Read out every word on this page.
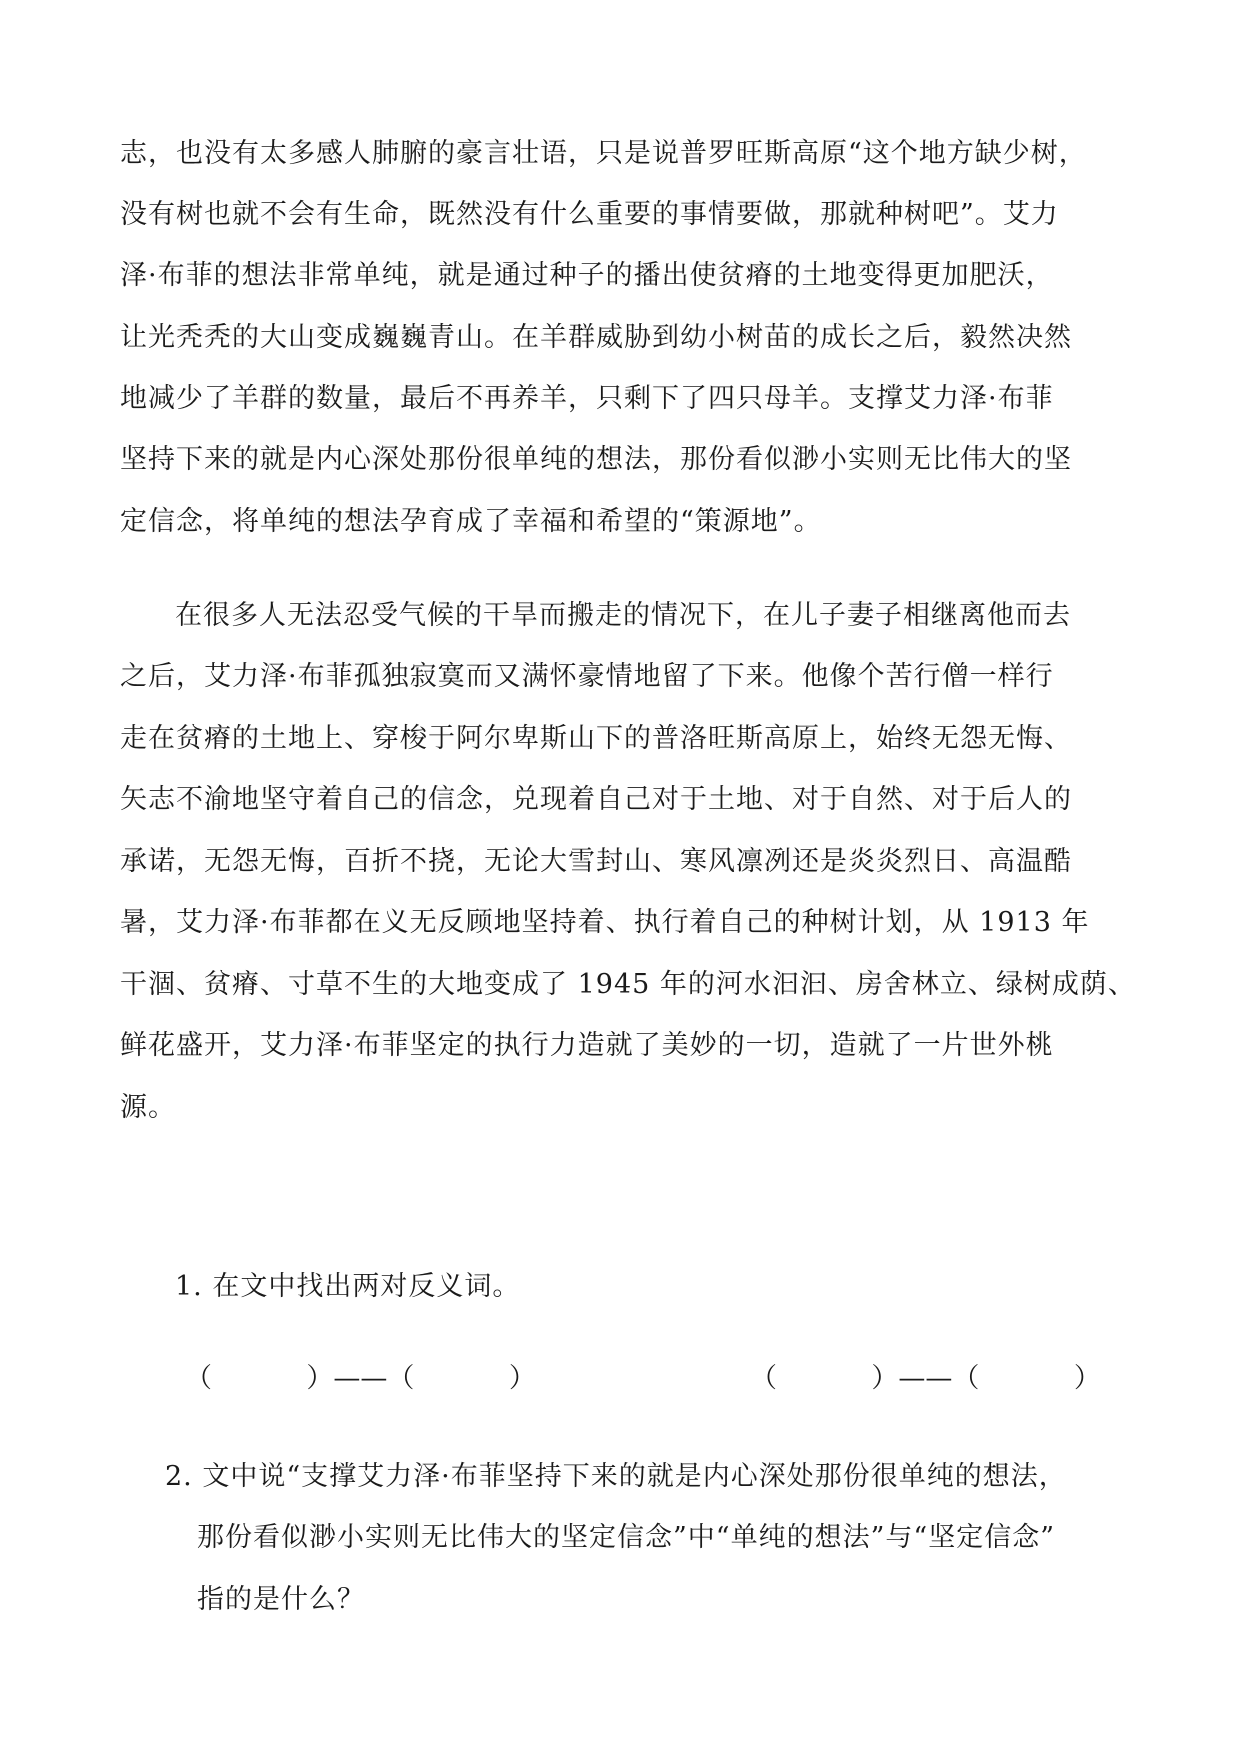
志，也没有太多感人肺腑的豪言壮语，只是说普罗旺斯高原“这个地方缺少树，
没有树也就不会有生命，既然没有什么重要的事情要做，那就种树吧”。艾力
泽·布菲的想法非常单纯，就是通过种子的播出使贫瘠的土地变得更加肥沃，
让光秃秃的大山变成巍巍青山。在羊群威胁到幼小树苗的成长之后，毅然决然
地减少了羊群的数量，最后不再养羊，只剩下了四只母羊。支撑艾力泽·布菲
坚持下来的就是内心深处那份很单纯的想法，那份看似渺小实则无比伟大的坚
定信念，将单纯的想法孕育成了幸福和希望的“策源地”。
在很多人无法忍受气候的干旱而搬走的情况下，在儿子妻子相继离他而去
之后，艾力泽·布菲孤独寂寞而又满怀豪情地留了下来。他像个苦行僧一样行
走在贫瘠的土地上、穿梭于阿尔卑斯山下的普洛旺斯高原上，始终无怨无悔、
矢志不渝地坚守着自己的信念，兑现着自己对于土地、对于自然、对于后人的
承诺，无怨无悔，百折不挠，无论大雪封山、寒风凛冽还是炎炎烈日、高温酷
暑，艾力泽·布菲都在义无反顾地坚持着、执行着自己的种树计划，从 1913 年
干涸、贫瘠、寸草不生的大地变成了 1945 年的河水汩汩、房舍林立、绿树成荫、
鲜花盛开，艾力泽·布菲坚定的执行力造就了美妙的一切，造就了一片世外桃
源。
1. 在文中找出两对反义词。
（           ）——（           ）	（           ）——（           ）
2. 文中说“支撑艾力泽·布菲坚持下来的就是内心深处那份很单纯的想法，
那份看似渺小实则无比伟大的坚定信念”中“单纯的想法”与“坚定信念”
指的是什么？
